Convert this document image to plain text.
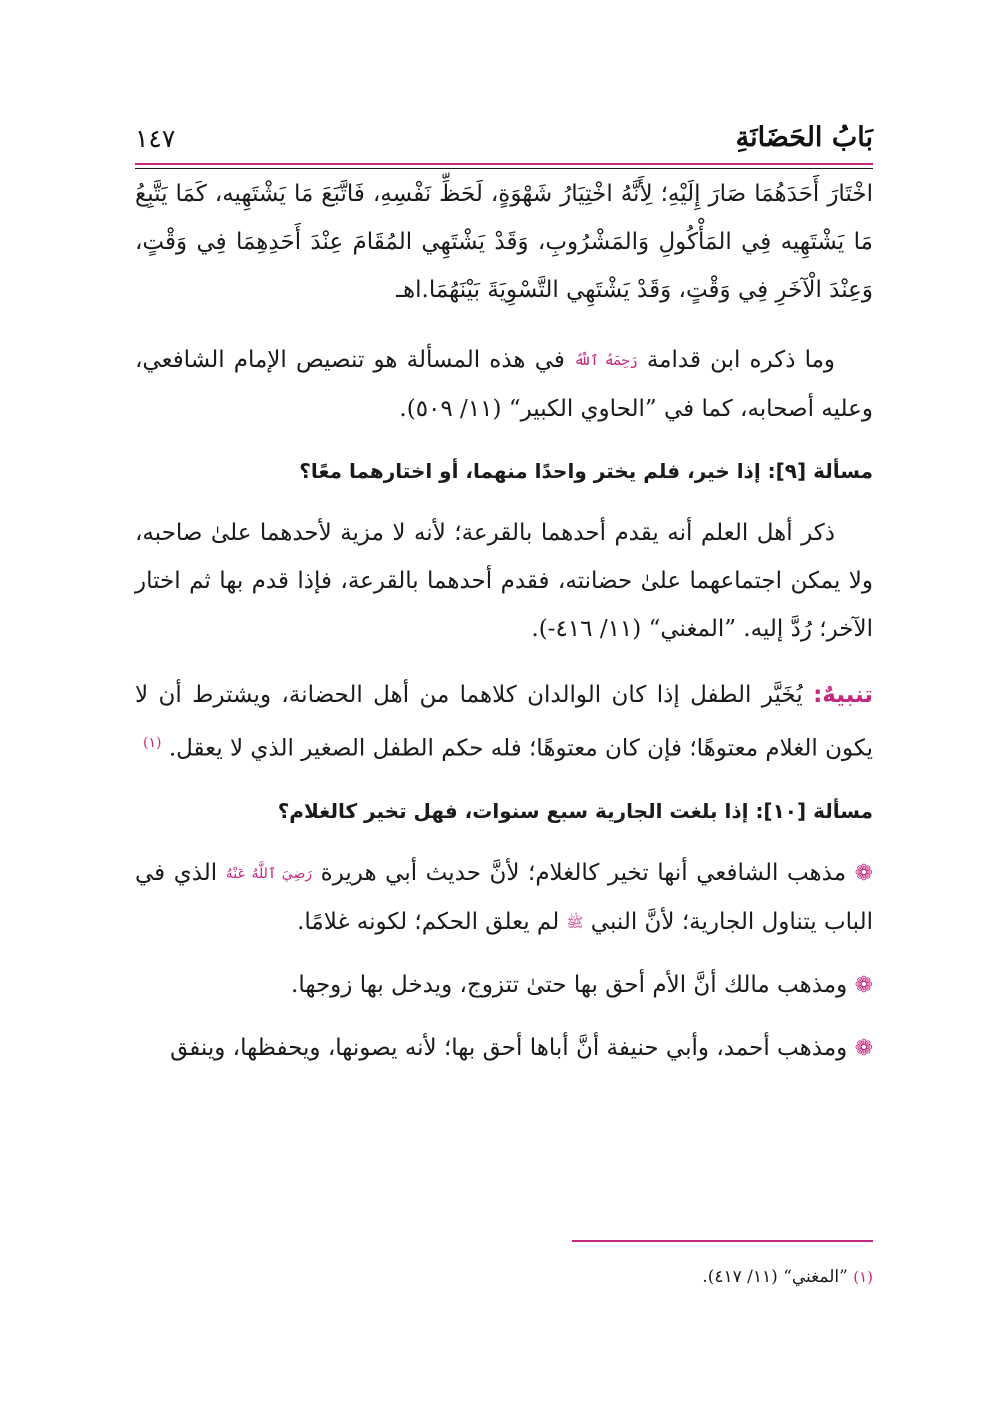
بَابُ الحَضَانَةِ
١٤٧

اخْتَارَ أَحَدَهُمَا صَارَ إِلَيْهِ؛ لِأَنَّهُ اخْتِيَارُ شَهْوَةٍ، لَحَظِّ نَفْسِهِ، فَاتَّبَعَ مَا يَشْتَهِيه، كَمَا يَتَّبِعُ مَا يَشْتَهِيه فِي المَأْكُولِ وَالمَشْرُوبِ، وَقَدْ يَشْتَهِي المُقَامَ عِنْدَ أَحَدِهِمَا فِي وَقْتٍ، وَعِنْدَ الْآخَرِ فِي وَقْتٍ، وَقَدْ يَشْتَهِي التَّسْوِيَةَ بَيْنَهُمَا.اهـ

وما ذكره ابن قدامة رَحِمَهُ ٱللَّهُ في هذه المسألة هو تنصيص الإمام الشافعي، وعليه أصحابه، كما في ”الحاوي الكبير“ (١١/ ٥٠٩).

مسألة [٩]: إذا خير، فلم يختر واحدًا منهما، أو اختارهما معًا؟

ذكر أهل العلم أنه يقدم أحدهما بالقرعة؛ لأنه لا مزية لأحدهما علىٰ صاحبه، ولا يمكن اجتماعهما علىٰ حضانته، فقدم أحدهما بالقرعة، فإذا قدم بها ثم اختار الآخر؛ رُدَّ إليه. ”المغني“ (١١/ ٤١٦-).

تنبيهٌ: يُخَيَّر الطفل إذا كان الوالدان كلاهما من أهل الحضانة، ويشترط أن لا يكون الغلام معتوهًا؛ فإن كان معتوهًا؛ فله حكم الطفل الصغير الذي لا يعقل. $^{(١)}$

مسألة [١٠]: إذا بلغت الجارية سبع سنوات، فهل تخير كالغلام؟

❁ مذهب الشافعي أنها تخير كالغلام؛ لأنَّ حديث أبي هريرة رَضِيَ ٱللَّهُ عَنْهُ الذي في الباب يتناول الجارية؛ لأنَّ النبي ﷺ لم يعلق الحكم؛ لكونه غلامًا.

❁ ومذهب مالك أنَّ الأم أحق بها حتىٰ تتزوج، ويدخل بها زوجها.

❁ ومذهب أحمد، وأبي حنيفة أنَّ أباها أحق بها؛ لأنه يصونها، ويحفظها، وينفق

(١) ”المغني“ (١١/ ٤١٧).
